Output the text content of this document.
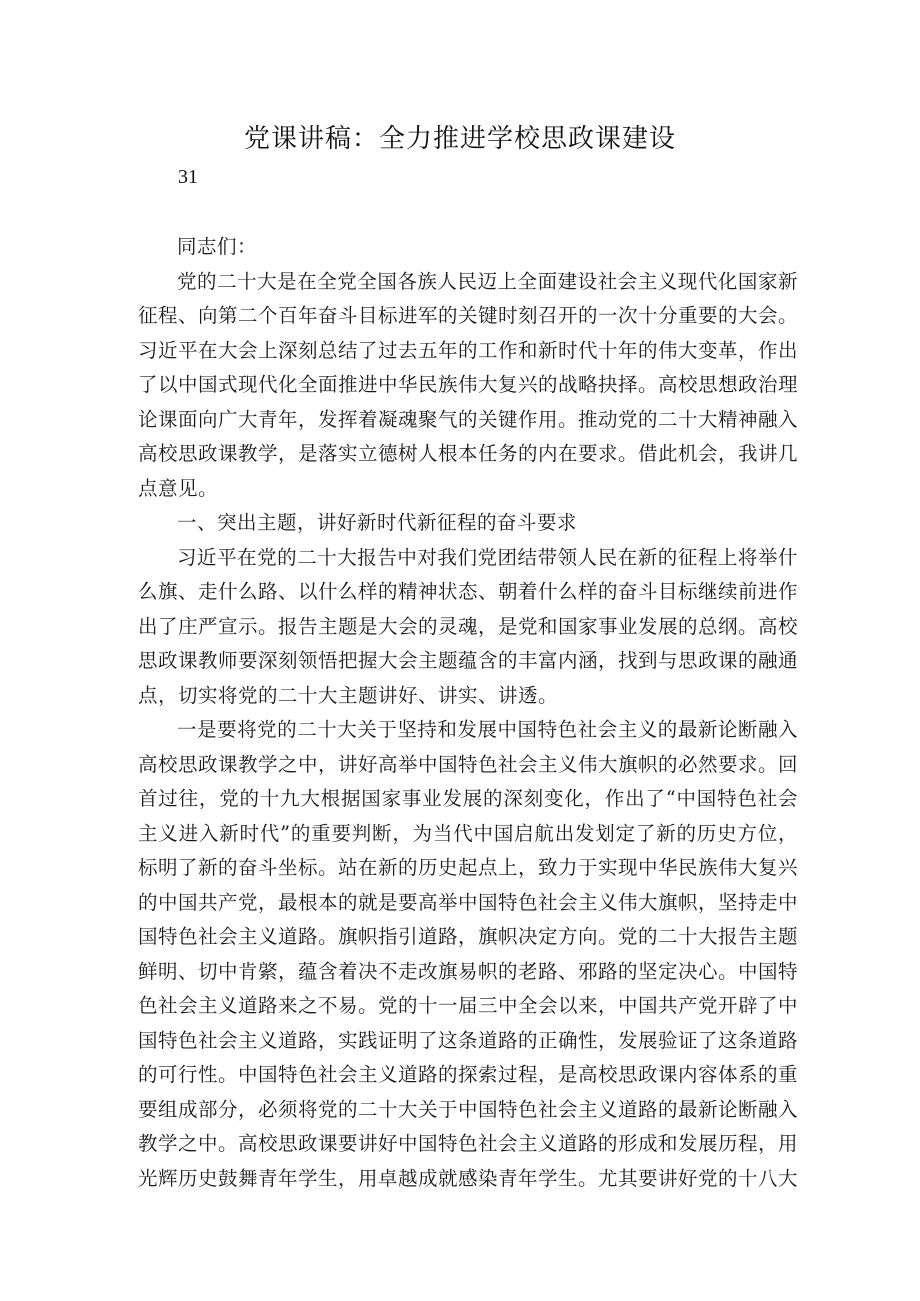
党课讲稿：全力推进学校思政课建设
31

同志们：

党的二十大是在全党全国各族人民迈上全面建设社会主义现代化国家新征程、向第二个百年奋斗目标进军的关键时刻召开的一次十分重要的大会。习近平在大会上深刻总结了过去五年的工作和新时代十年的伟大变革，作出了以中国式现代化全面推进中华民族伟大复兴的战略抉择。高校思想政治理论课面向广大青年，发挥着凝魂聚气的关键作用。推动党的二十大精神融入高校思政课教学，是落实立德树人根本任务的内在要求。借此机会，我讲几点意见。

一、突出主题，讲好新时代新征程的奋斗要求

习近平在党的二十大报告中对我们党团结带领人民在新的征程上将举什么旗、走什么路、以什么样的精神状态、朝着什么样的奋斗目标继续前进作出了庄严宣示。报告主题是大会的灵魂，是党和国家事业发展的总纲。高校思政课教师要深刻领悟把握大会主题蕴含的丰富内涵，找到与思政课的融通点，切实将党的二十大主题讲好、讲实、讲透。

一是要将党的二十大关于坚持和发展中国特色社会主义的最新论断融入高校思政课教学之中，讲好高举中国特色社会主义伟大旗帜的必然要求。回首过往，党的十九大根据国家事业发展的深刻变化，作出了“中国特色社会主义进入新时代”的重要判断，为当代中国启航出发划定了新的历史方位，标明了新的奋斗坐标。站在新的历史起点上，致力于实现中华民族伟大复兴的中国共产党，最根本的就是要高举中国特色社会主义伟大旗帜，坚持走中国特色社会主义道路。旗帜指引道路，旗帜决定方向。党的二十大报告主题鲜明、切中肯綮，蕴含着决不走改旗易帜的老路、邪路的坚定决心。中国特色社会主义道路来之不易。党的十一届三中全会以来，中国共产党开辟了中国特色社会主义道路，实践证明了这条道路的正确性，发展验证了这条道路的可行性。中国特色社会主义道路的探索过程，是高校思政课内容体系的重要组成部分，必须将党的二十大关于中国特色社会主义道路的最新论断融入教学之中。高校思政课要讲好中国特色社会主义道路的形成和发展历程，用光辉历史鼓舞青年学生，用卓越成就感染青年学生。尤其要讲好党的十八大
